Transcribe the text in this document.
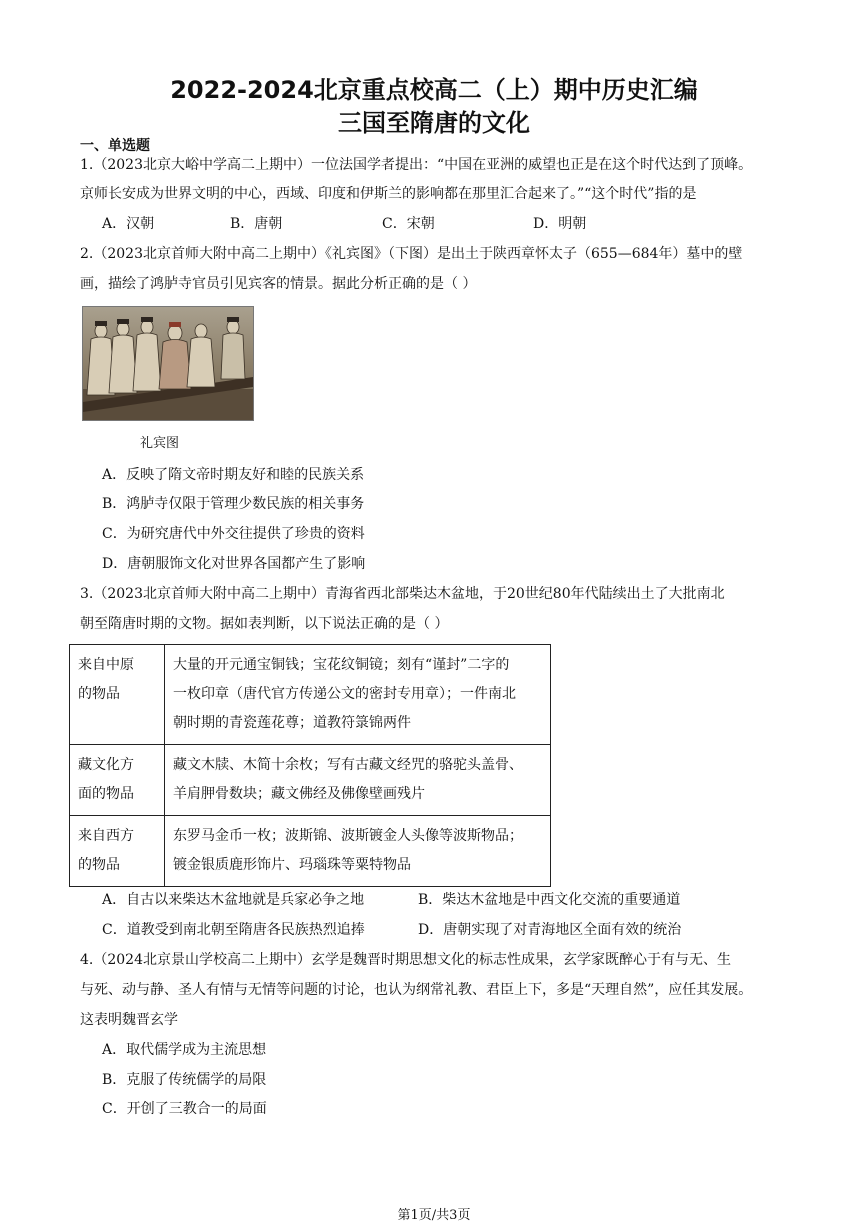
2022-2024北京重点校高二（上）期中历史汇编
三国至隋唐的文化
一、单选题
1.（2023北京大峪中学高二上期中）一位法国学者提出：“中国在亚洲的威望也正是在这个时代达到了顶峰。
京师长安成为世界文明的中心，西域、印度和伊斯兰的影响都在那里汇合起来了。”“这个时代”指的是
A．汉朝	B．唐朝	C．宋朝	D．明朝
2.（2023北京首师大附中高二上期中）《礼宾图》（下图）是出土于陕西章怀太子（655—684年）墓中的壁
画，描绘了鸿胪寺官员引见宾客的情景。据此分析正确的是（ ）
礼宾图
A．反映了隋文帝时期友好和睦的民族关系
B．鸿胪寺仅限于管理少数民族的相关事务
C．为研究唐代中外交往提供了珍贵的资料
D．唐朝服饰文化对世界各国都产生了影响
3.（2023北京首师大附中高二上期中）青海省西北部柴达木盆地，于20世纪80年代陆续出土了大批南北
朝至隋唐时期的文物。据如表判断，以下说法正确的是（ ）
来自中原
的物品	大量的开元通宝铜钱；宝花纹铜镜；刻有“谨封”二字的
一枚印章（唐代官方传递公文的密封专用章）；一件南北
朝时期的青瓷莲花尊；道教符箓锦两件
藏文化方
面的物品	藏文木牍、木简十余枚；写有古藏文经咒的骆驼头盖骨、
羊肩胛骨数块；藏文佛经及佛像壁画残片
来自西方
的物品	东罗马金币一枚；波斯锦、波斯镀金人头像等波斯物品；
镀金银质鹿形饰片、玛瑙珠等粟特物品
A．自古以来柴达木盆地就是兵家必争之地	B．柴达木盆地是中西文化交流的重要通道
C．道教受到南北朝至隋唐各民族热烈追捧	D．唐朝实现了对青海地区全面有效的统治
4.（2024北京景山学校高二上期中）玄学是魏晋时期思想文化的标志性成果，玄学家既醉心于有与无、生
与死、动与静、圣人有情与无情等问题的讨论，也认为纲常礼教、君臣上下，多是“天理自然”，应任其发展。
这表明魏晋玄学
A．取代儒学成为主流思想
B．克服了传统儒学的局限
C．开创了三教合一的局面
第1页/共3页
